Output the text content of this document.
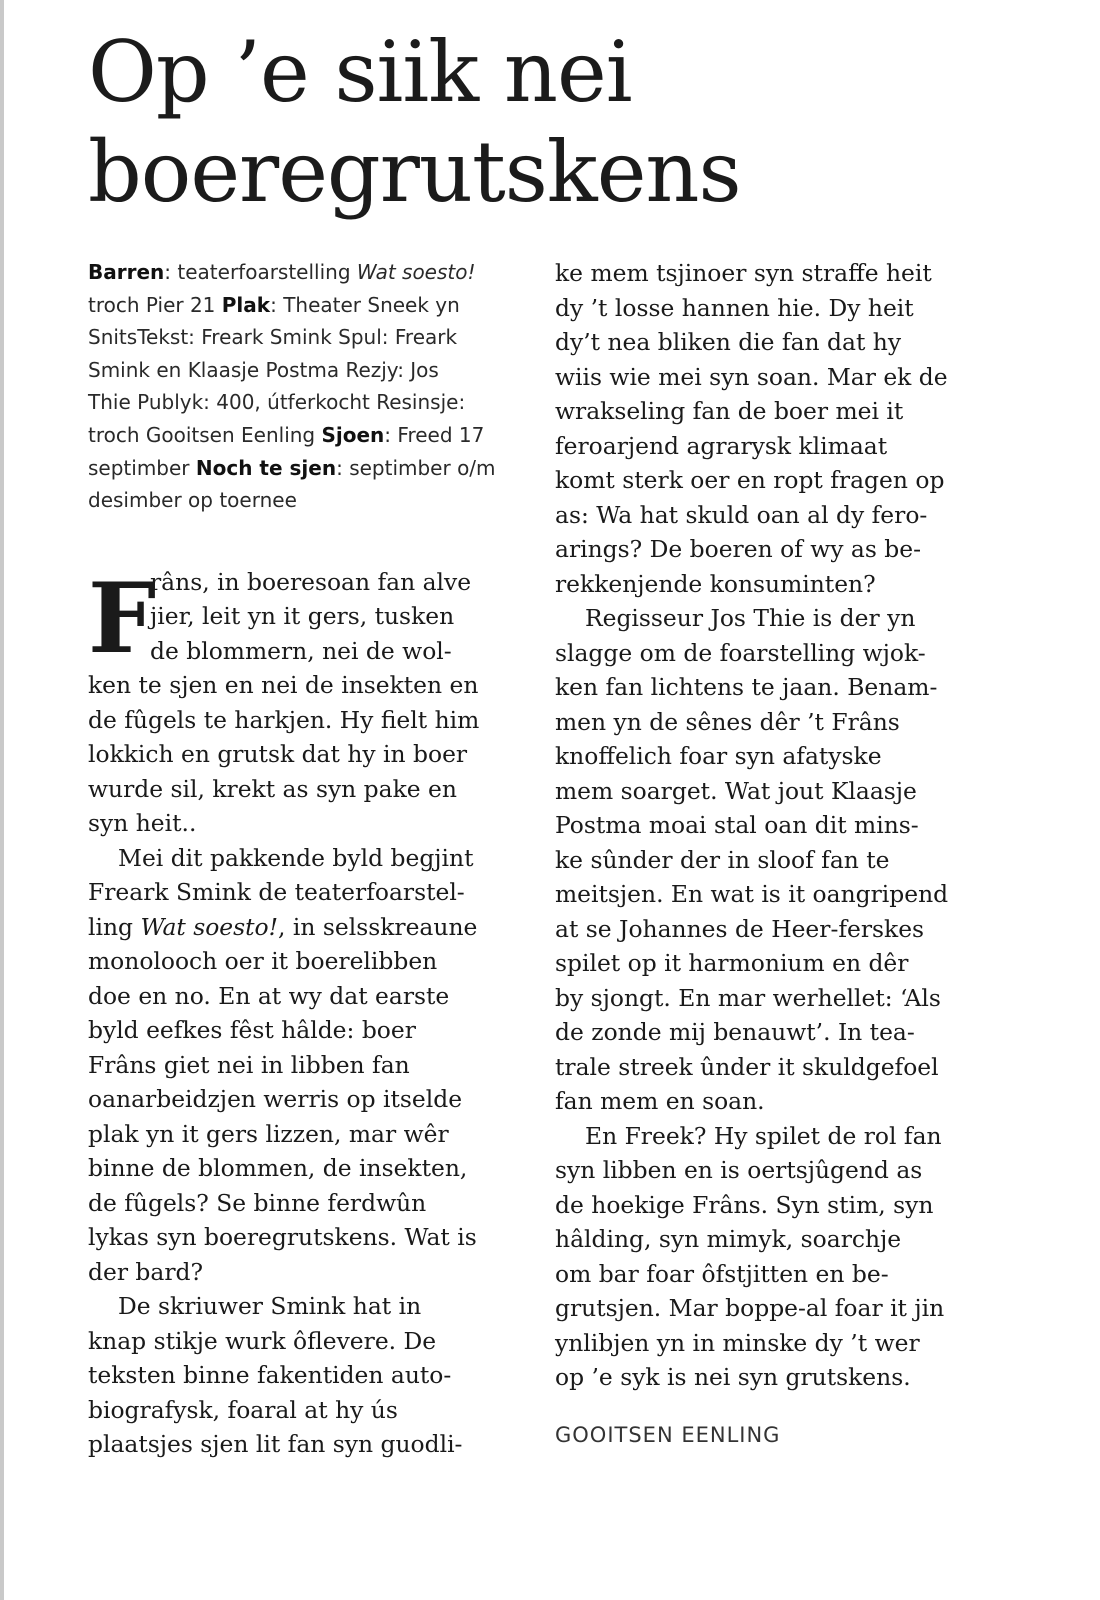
Op ’e siik nei
boeregrutskens
Barren: teaterfoarstelling Wat soesto!
troch Pier 21 Plak: Theater Sneek yn
SnitsTekst: Freark Smink Spul: Freark
Smink en Klaasje Postma Rezjy: Jos
Thie Publyk: 400, útferkocht Resinsje:
troch Gooitsen Eenling Sjoen: Freed 17
septimber Noch te sjen: septimber o/m
desimber op toernee
F
râns, in boeresoan fan alve
jier, leit yn it gers, tusken
de blommern, nei de wol-
ken te sjen en nei de insekten en
de fûgels te harkjen. Hy fielt him
lokkich en grutsk dat hy in boer
wurde sil, krekt as syn pake en
syn heit..
Mei dit pakkende byld begjint
Freark Smink de teaterfoarstel-
ling Wat soesto!, in selsskreaune
monolooch oer it boerelibben
doe en no. En at wy dat earste
byld eefkes fêst hâlde: boer
Frâns giet nei in libben fan
oanarbeidzjen werris op itselde
plak yn it gers lizzen, mar wêr
binne de blommen, de insekten,
de fûgels? Se binne ferdwûn
lykas syn boeregrutskens. Wat is
der bard?
De skriuwer Smink hat in
knap stikje wurk ôflevere. De
teksten binne fakentiden auto-
biografysk, foaral at hy ús
plaatsjes sjen lit fan syn guodli-
ke mem tsjinoer syn straffe heit
dy ’t losse hannen hie. Dy heit
dy’t nea bliken die fan dat hy
wiis wie mei syn soan. Mar ek de
wrakseling fan de boer mei it
feroarjend agrarysk klimaat
komt sterk oer en ropt fragen op
as: Wa hat skuld oan al dy fero-
arings? De boeren of wy as be-
rekkenjende konsuminten?
Regisseur Jos Thie is der yn
slagge om de foarstelling wjok-
ken fan lichtens te jaan. Benam-
men yn de sênes dêr ’t Frâns
knoffelich foar syn afatyske
mem soarget. Wat jout Klaasje
Postma moai stal oan dit mins-
ke sûnder der in sloof fan te
meitsjen. En wat is it oangripend
at se Johannes de Heer-ferskes
spilet op it harmonium en dêr
by sjongt. En mar werhellet: ‘Als
de zonde mij benauwt’. In tea-
trale streek ûnder it skuldgefoel
fan mem en soan.
En Freek? Hy spilet de rol fan
syn libben en is oertsjûgend as
de hoekige Frâns. Syn stim, syn
hâlding, syn mimyk, soarchje
om bar foar ôfstjitten en be-
grutsjen. Mar boppe-al foar it jin
ynlibjen yn in minske dy ’t wer
op ’e syk is nei syn grutskens.
GOOITSEN EENLING
